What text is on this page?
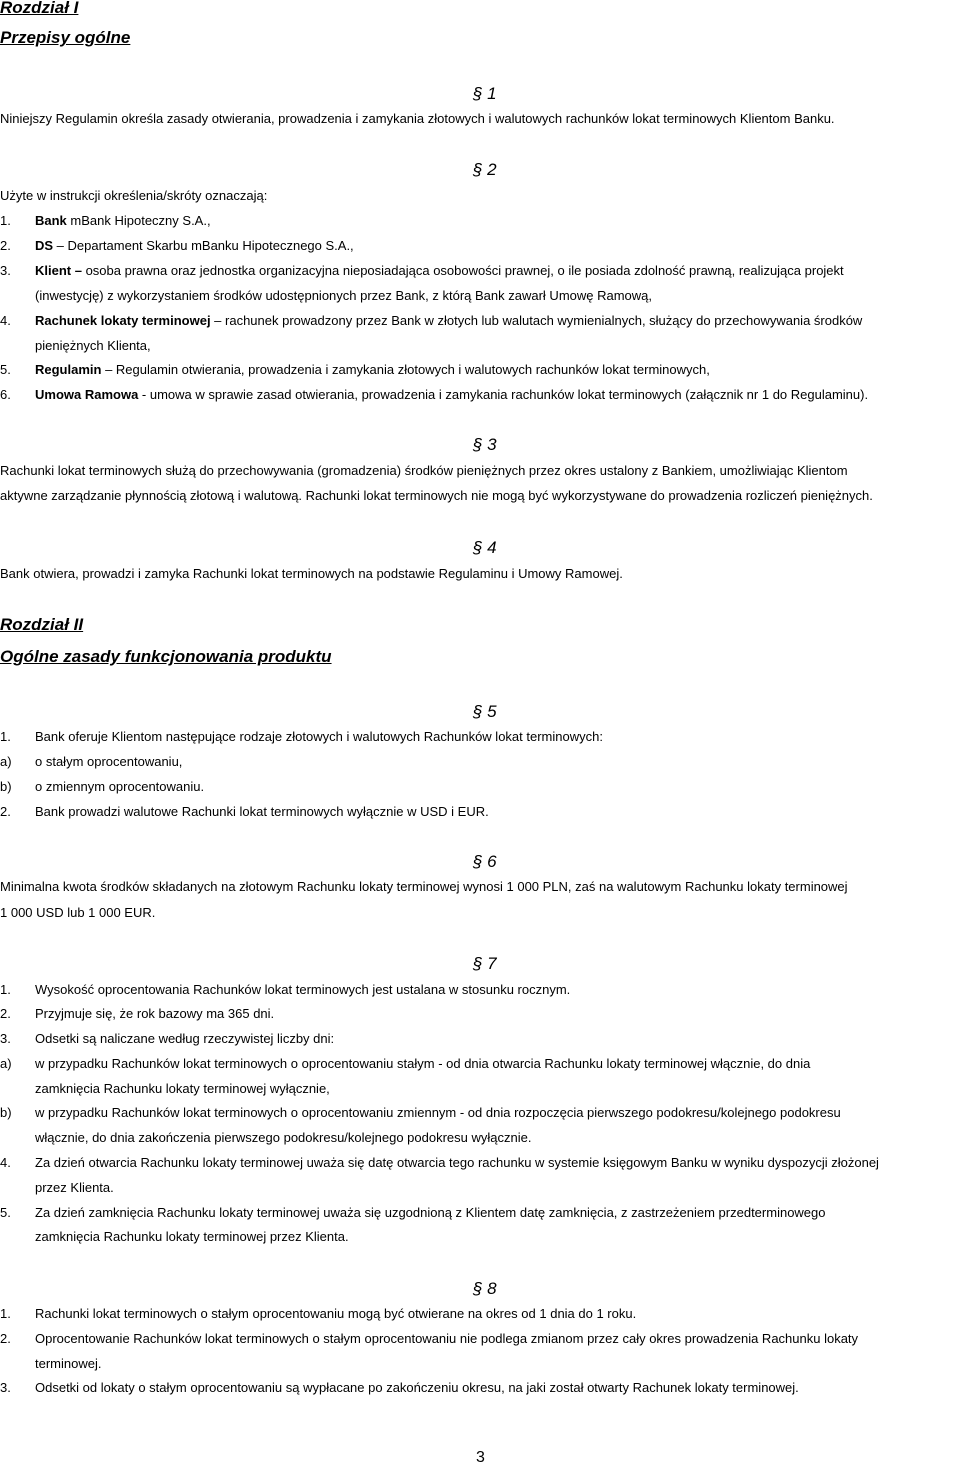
Rozdział I
Przepisy ogólne
§ 1
Niniejszy Regulamin określa zasady otwierania, prowadzenia i zamykania złotowych i walutowych rachunków lokat terminowych Klientom Banku.
§ 2
Użyte w instrukcji określenia/skróty oznaczają:
1. Bank mBank Hipoteczny S.A.,
2. DS – Departament Skarbu mBanku Hipotecznego S.A.,
3. Klient – osoba prawna oraz jednostka organizacyjna nieposiadająca osobowości prawnej, o ile posiada zdolność prawną, realizująca projekt
(inwestycję) z wykorzystaniem środków udostępnionych przez Bank, z którą Bank zawarł Umowę Ramową,
4. Rachunek lokaty terminowej – rachunek prowadzony przez Bank w złotych lub walutach wymienialnych, służący do przechowywania środków
pieniężnych Klienta,
5. Regulamin – Regulamin otwierania, prowadzenia i zamykania złotowych i walutowych rachunków lokat terminowych,
6. Umowa Ramowa - umowa w sprawie zasad otwierania, prowadzenia i zamykania rachunków lokat terminowych (załącznik nr 1 do Regulaminu).
§ 3
Rachunki lokat terminowych służą do przechowywania (gromadzenia) środków pieniężnych przez okres ustalony z Bankiem, umożliwiając Klientom
aktywne zarządzanie płynnością złotową i walutową. Rachunki lokat terminowych nie mogą być wykorzystywane do prowadzenia rozliczeń pieniężnych.
§ 4
Bank otwiera, prowadzi i zamyka Rachunki lokat terminowych na podstawie Regulaminu i Umowy Ramowej.
Rozdział II
Ogólne zasady funkcjonowania produktu
§ 5
1. Bank oferuje Klientom następujące rodzaje złotowych i walutowych Rachunków lokat terminowych:
a) o stałym oprocentowaniu,
b) o zmiennym oprocentowaniu.
2. Bank prowadzi walutowe Rachunki lokat terminowych wyłącznie w USD i EUR.
§ 6
Minimalna kwota środków składanych na złotowym Rachunku lokaty terminowej wynosi 1 000 PLN, zaś na walutowym Rachunku lokaty terminowej
1 000 USD lub 1 000 EUR.
§ 7
1. Wysokość oprocentowania Rachunków lokat terminowych jest ustalana w stosunku rocznym.
2. Przyjmuje się, że rok bazowy ma 365 dni.
3. Odsetki są naliczane według rzeczywistej liczby dni:
a) w przypadku Rachunków lokat terminowych o oprocentowaniu stałym - od dnia otwarcia Rachunku lokaty terminowej włącznie, do dnia
zamknięcia Rachunku lokaty terminowej wyłącznie,
b) w przypadku Rachunków lokat terminowych o oprocentowaniu zmiennym - od dnia rozpoczęcia pierwszego podokresu/kolejnego podokresu
włącznie, do dnia zakończenia pierwszego podokresu/kolejnego podokresu wyłącznie.
4. Za dzień otwarcia Rachunku lokaty terminowej uważa się datę otwarcia tego rachunku w systemie księgowym Banku w wyniku dyspozycji złożonej
przez Klienta.
5. Za dzień zamknięcia Rachunku lokaty terminowej uważa się uzgodnioną z Klientem datę zamknięcia, z zastrzeżeniem przedterminowego
zamknięcia Rachunku lokaty terminowej przez Klienta.
§ 8
1. Rachunki lokat terminowych o stałym oprocentowaniu mogą być otwierane na okres od 1 dnia do 1 roku.
2. Oprocentowanie Rachunków lokat terminowych o stałym oprocentowaniu nie podlega zmianom przez cały okres prowadzenia Rachunku lokaty
terminowej.
3. Odsetki od lokaty o stałym oprocentowaniu są wypłacane po zakończeniu okresu, na jaki został otwarty Rachunek lokaty terminowej.
3
